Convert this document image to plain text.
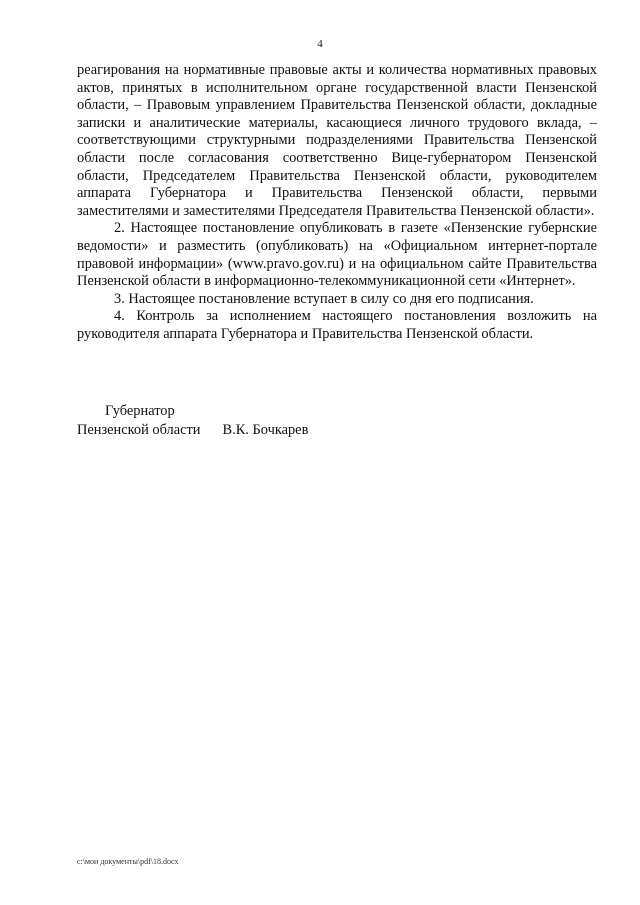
4

реагирования на нормативные правовые акты и количества нормативных правовых актов, принятых в исполнительном органе государственной власти Пензенской области, – Правовым управлением Правительства Пензенской области, докладные записки и аналитические материалы, касающиеся личного трудового вклада, – соответствующими структурными подразделениями Правительства Пензенской области после согласования соответственно Вице-губернатором Пензенской области, Председателем Правительства Пензенской области, руководителем аппарата Губернатора и Правительства Пензенской области, первыми заместителями и заместителями Председателя Правительства Пензенской области».

2. Настоящее постановление опубликовать в газете «Пензенские губернские ведомости» и разместить (опубликовать) на «Официальном интернет-портале правовой информации» (www.pravo.gov.ru) и на официальном сайте Правительства Пензенской области в информационно-телекоммуникационной сети «Интернет».

3. Настоящее постановление вступает в силу со дня его подписания.

4. Контроль за исполнением настоящего постановления возложить на руководителя аппарата Губернатора и Правительства Пензенской области.

Губернатор
Пензенской области В.К. Бочкарев
c:\мои документы\pdf\18.docx
